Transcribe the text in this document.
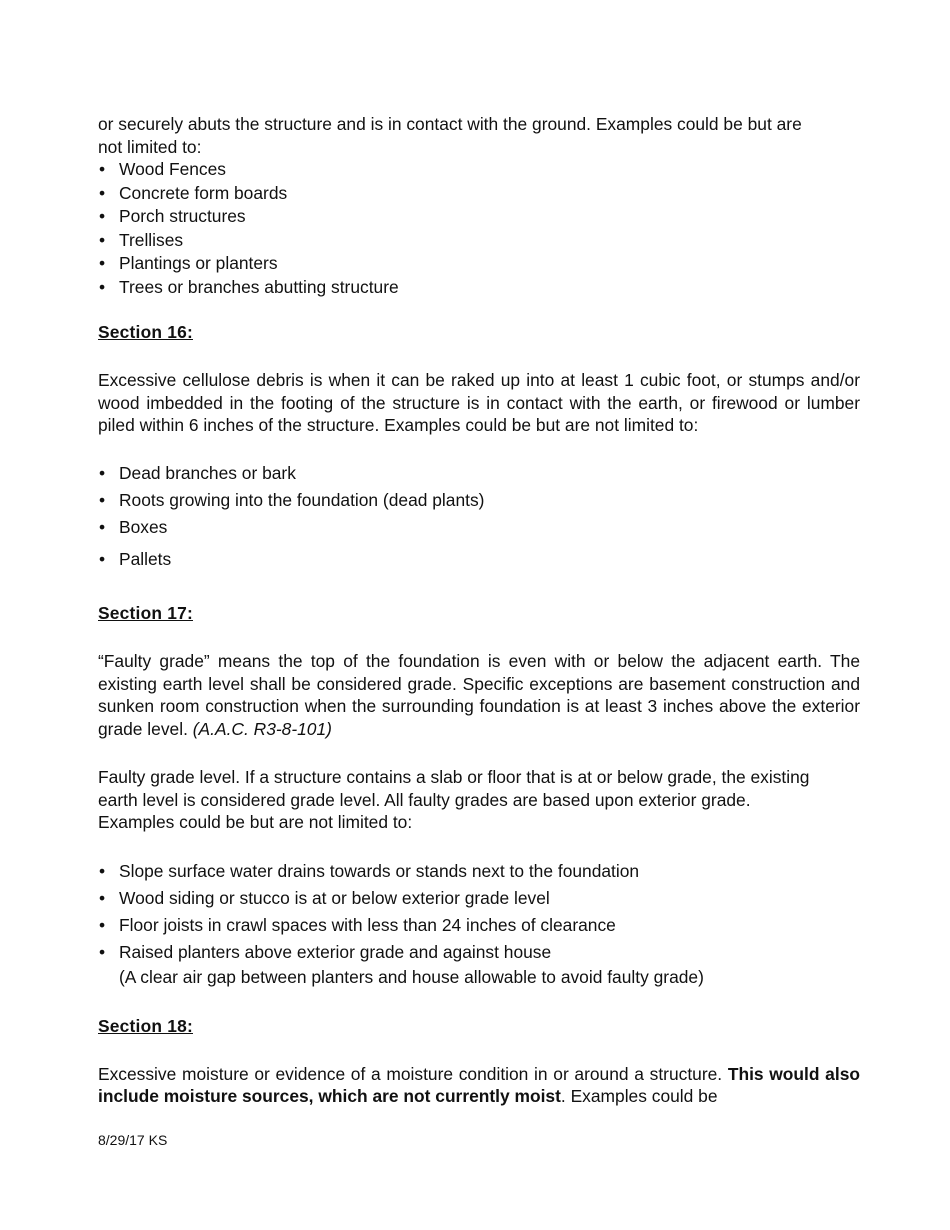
or securely abuts the structure and is in contact with the ground. Examples could be but are not limited to:

• Wood Fences
• Concrete form boards
• Porch structures
• Trellises
• Plantings or planters
• Trees or branches abutting structure
Section 16:

Excessive cellulose debris is when it can be raked up into at least 1 cubic foot, or stumps and/or wood imbedded in the footing of the structure is in contact with the earth, or firewood or lumber piled within 6 inches of the structure. Examples could be but are not limited to:

• Dead branches or bark
• Roots growing into the foundation (dead plants)
• Boxes
• Pallets
Section 17:

“Faulty grade” means the top of the foundation is even with or below the adjacent earth. The existing earth level shall be considered grade. Specific exceptions are basement construction and sunken room construction when the surrounding foundation is at least 3 inches above the exterior grade level. (A.A.C. R3-8-101)

Faulty grade level. If a structure contains a slab or floor that is at or below grade, the existing earth level is considered grade level. All faulty grades are based upon exterior grade. Examples could be but are not limited to:

• Slope surface water drains towards or stands next to the foundation
• Wood siding or stucco is at or below exterior grade level
• Floor joists in crawl spaces with less than 24 inches of clearance
• Raised planters above exterior grade and against house

(A clear air gap between planters and house allowable to avoid faulty grade)

Section 18:

Excessive moisture or evidence of a moisture condition in or around a structure. This would also include moisture sources, which are not currently moist. Examples could be

8/29/17 KS
